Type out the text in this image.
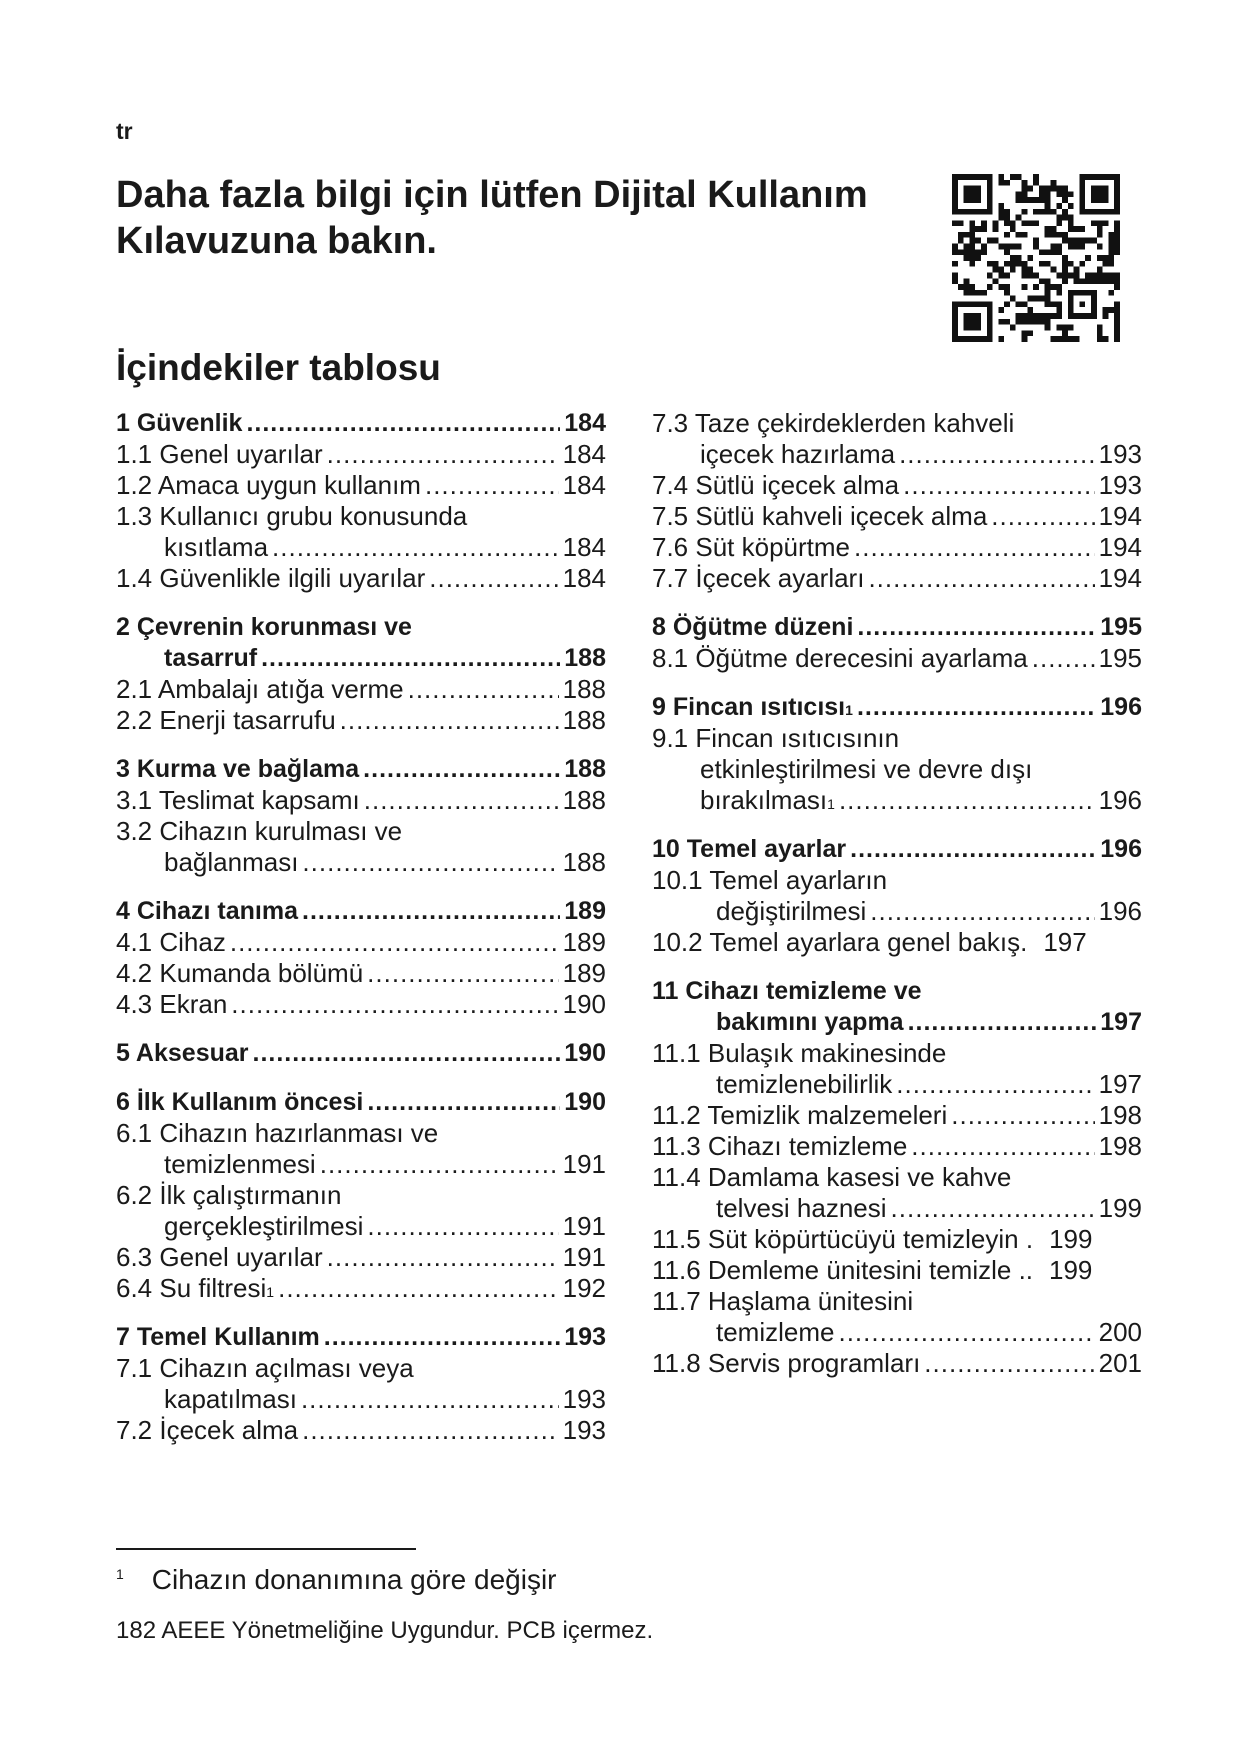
tr
Daha fazla bilgi için lütfen Dijital Kullanım Kılavuzuna bakın.
İçindekiler tablosu
1 Güvenlik .....	184
1.1 Genel uyarılar .....	184
1.2 Amaca uygun kullanım .....	184
1.3 Kullanıcı grubu konusunda
kısıtlama .....	184
1.4 Güvenlikle ilgili uyarılar .....	184
2 Çevrenin korunması ve
tasarruf .....	188
2.1 Ambalajı atığa verme .....	188
2.2 Enerji tasarrufu .....	188
3 Kurma ve bağlama .....	188
3.1 Teslimat kapsamı .....	188
3.2 Cihazın kurulması ve
bağlanması .....	188
4 Cihazı tanıma .....	189
4.1 Cihaz .....	189
4.2 Kumanda bölümü .....	189
4.3 Ekran .....	190
5 Aksesuar .....	190
6 İlk Kullanım öncesi .....	190
6.1 Cihazın hazırlanması ve
temizlenmesi .....	191
6.2 İlk çalıştırmanın
gerçekleştirilmesi .....	191
6.3 Genel uyarılar .....	191
6.4 Su filtresi 1 .....	192
7 Temel Kullanım .....	193
7.1 Cihazın açılması veya
kapatılması .....	193
7.2 İçecek alma .....	193
7.3 Taze çekirdeklerden kahveli
içecek hazırlama .....	193
7.4 Sütlü içecek alma .....	193
7.5 Sütlü kahveli içecek alma .....	194
7.6 Süt köpürtme .....	194
7.7 İçecek ayarları .....	194
8 Öğütme düzeni .....	195
8.1 Öğütme derecesini ayarlama .....	195
9 Fincan ısıtıcısı 1 .....	196
9.1 Fincan ısıtıcısının
etkinleştirilmesi ve devre dışı
bırakılması 1 .....	196
10 Temel ayarlar .....	196
10.1 Temel ayarların
değiştirilmesi .....	196
10.2 Temel ayarlara genel bakış. 197
11 Cihazı temizleme ve
bakımını yapma .....	197
11.1 Bulaşık makinesinde
temizlenebilirlik .....	197
11.2 Temizlik malzemeleri .....	198
11.3 Cihazı temizleme .....	198
11.4 Damlama kasesi ve kahve
telvesi haznesi .....	199
11.5 Süt köpürtücüyü temizleyin . 199
11.6 Demleme ünitesini temizle .. 199
11.7 Haşlama ünitesini
temizleme .....	200
11.8 Servis programları .....	201
$^1$ Cihazın donanımına göre değişir
182 AEEE Yönetmeliğine Uygundur. PCB içermez.
